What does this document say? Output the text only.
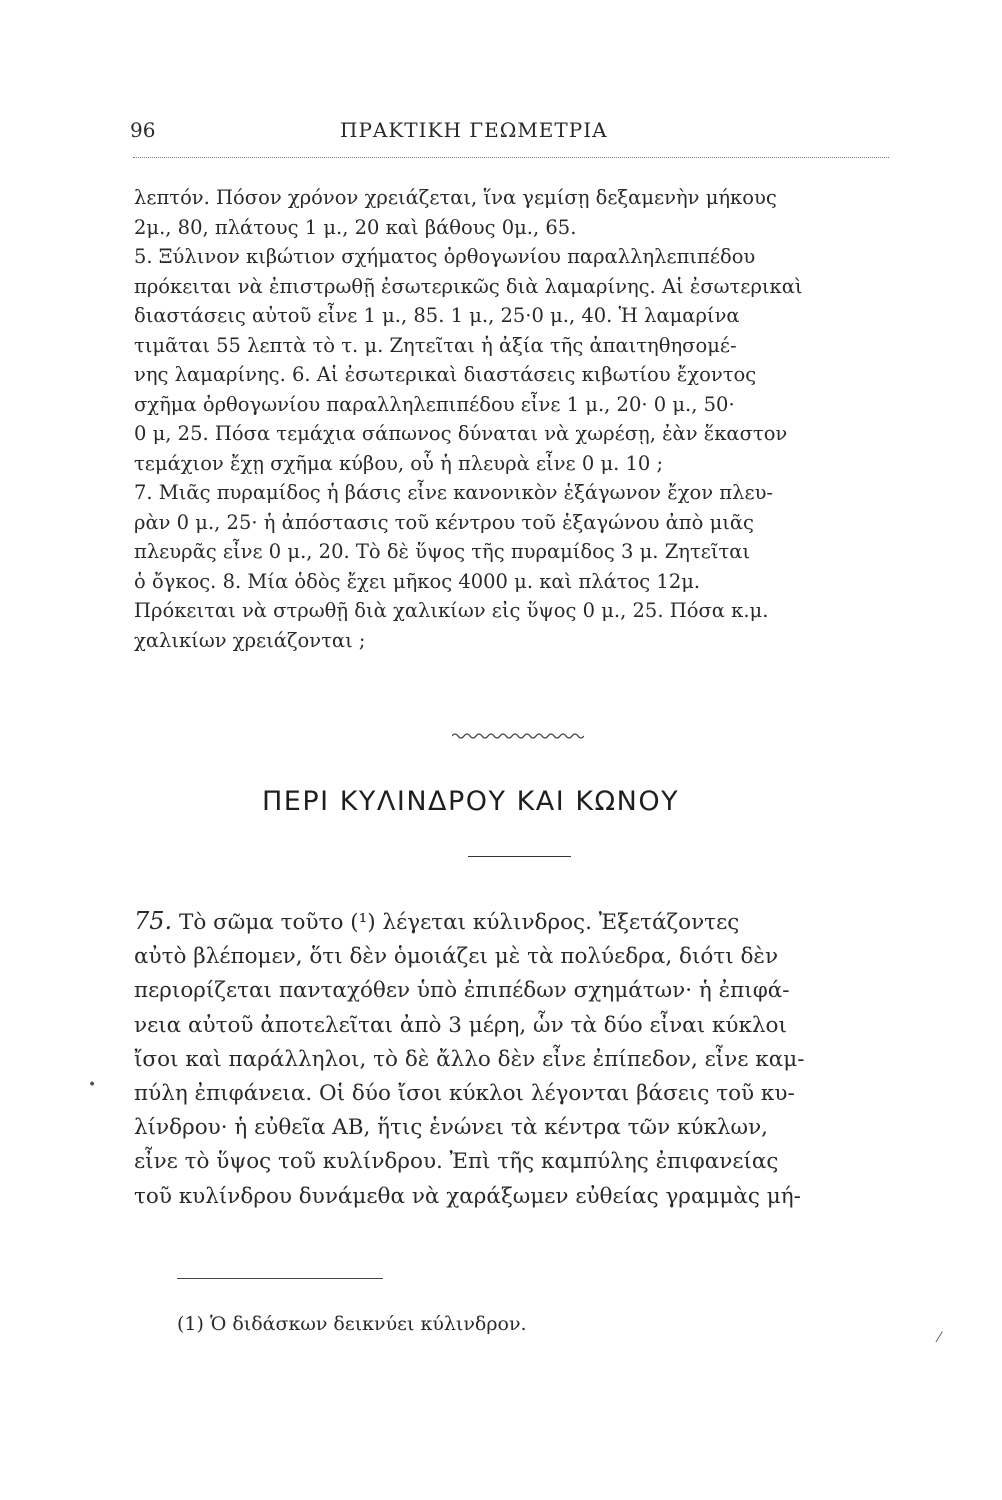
96	ΠΡΑΚΤΙΚΗ ΓΕΩΜΕΤΡΙΑ

λεπτόν. Πόσον χρόνον χρειάζεται, ἵνα γεμίσῃ δεξαμενὴν μήκους

2μ., 80, πλάτους 1 μ., 20 καὶ βάθους 0μ., 65.

5. Ξύλινον κιβώτιον σχήματος ὀρθογωνίου παραλληλεπιπέδου

πρόκειται νὰ ἐπιστρωθῇ ἐσωτερικῶς διὰ λαμαρίνης. Αἱ ἐσωτερικαὶ

διαστάσεις αὐτοῦ εἶνε 1 μ., 85. 1 μ., 25·0 μ., 40. Ἡ λαμαρίνα

τιμᾶται 55 λεπτὰ τὸ τ. μ. Ζητεῖται ἡ ἀξία τῆς ἀπαιτηθησομέ-

νης λαμαρίνης. 6. Αἱ ἐσωτερικαὶ διαστάσεις κιβωτίου ἔχοντος

σχῆμα ὀρθογωνίου παραλληλεπιπέδου εἶνε 1 μ., 20· 0 μ., 50·

0 μ, 25. Πόσα τεμάχια σάπωνος δύναται νὰ χωρέσῃ, ἐὰν ἕκαστον

τεμάχιον ἔχῃ σχῆμα κύβου, οὗ ἡ πλευρὰ εἶνε 0 μ. 10 ;

7. Μιᾶς πυραμίδος ἡ βάσις εἶνε κανονικὸν ἑξάγωνον ἔχον πλευ-

ρὰν 0 μ., 25· ἡ ἀπόστασις τοῦ κέντρου τοῦ ἑξαγώνου ἀπὸ μιᾶς

πλευρᾶς εἶνε 0 μ., 20. Τὸ δὲ ὕψος τῆς πυραμίδος 3 μ. Ζητεῖται

ὁ ὄγκος. 8. Μία ὁδὸς ἔχει μῆκος 4000 μ. καὶ πλάτος 12μ.

Πρόκειται νὰ στρωθῇ διὰ χαλικίων εἰς ὕψος 0 μ., 25. Πόσα κ.μ.

χαλικίων χρειάζονται ;

ΠΕΡΙ ΚΥΛΙΝΔΡΟΥ ΚΑΙ ΚΩΝΟΥ

75. Τὸ σῶμα τοῦτο (¹) λέγεται κύλινδρος. Ἐξετάζοντες

αὐτὸ βλέπομεν, ὅτι δὲν ὁμοιάζει μὲ τὰ πολύεδρα, διότι δὲν

περιορίζεται πανταχόθεν ὑπὸ ἐπιπέδων σχημάτων· ἡ ἐπιφά-

νεια αὐτοῦ ἀποτελεῖται ἀπὸ 3 μέρη, ὧν τὰ δύο εἶναι κύκλοι

ἴσοι καὶ παράλληλοι, τὸ δὲ ἄλλο δὲν εἶνε ἐπίπεδον, εἶνε καμ-

πύλη ἐπιφάνεια. Οἱ δύο ἴσοι κύκλοι λέγονται βάσεις τοῦ κυ-

λίνδρου· ἡ εὐθεῖα ΑΒ, ἥτις ἑνώνει τὰ κέντρα τῶν κύκλων,

εἶνε τὸ ὕψος τοῦ κυλίνδρου. Ἐπὶ τῆς καμπύλης ἐπιφανείας

τοῦ κυλίνδρου δυνάμεθα νὰ χαράξωμεν εὐθείας γραμμὰς μή-

(1) Ὁ διδάσκων δεικνύει κύλινδρον.
•
⁄
